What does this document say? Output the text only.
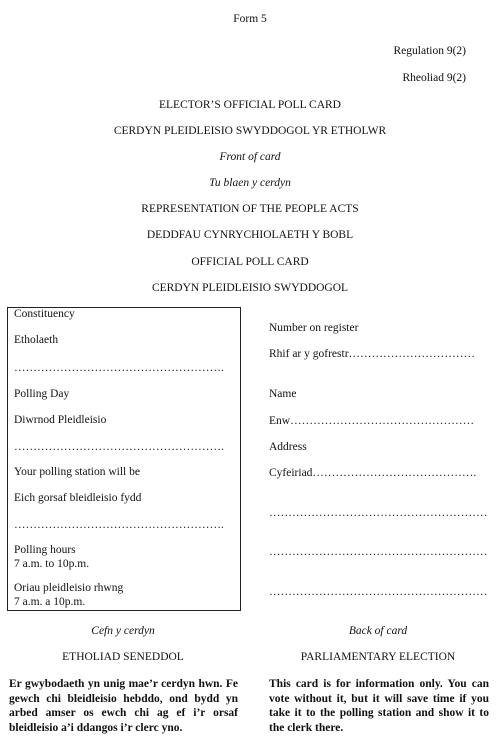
Form 5
Regulation 9(2)
Rheoliad 9(2)
ELECTOR’S OFFICIAL POLL CARD
CERDYN PLEIDLEISIO SWYDDOGOL YR ETHOLWR
Front of card
Tu blaen y cerdyn
REPRESENTATION OF THE PEOPLE ACTS
DEDDFAU CYNRYCHIOLAETH Y BOBL
OFFICIAL POLL CARD
CERDYN PLEIDLEISIO SWYDDOGOL
Constituency
Etholaeth
……………………………………………….
Polling Day
Diwrnod Pleidleisio
……………………………………………….
Your polling station will be
Eich gorsaf bleidleisio fydd
……………………………………………….
Polling hours
7 a.m. to 10p.m.
Oriau pleidleisio rhwng
7 a.m. a 10p.m.
Number on register
Rhif ar y gofrestr……………………………
Name
Enw…………………………………………
Address
Cyfeiriad…………………………………….
…………………………………………………
…………………………………………………
…………………………………………………
Cefn y cerdyn	Back of card
ETHOLIAD SENEDDOL	PARLIAMENTARY ELECTION
Er gwybodaeth yn unig mae’r cerdyn hwn. Fe gewch chi bleidleisio hebddo, ond bydd yn arbed amser os ewch chi ag ef i’r orsaf bleidleisio a’i ddangos i’r clerc yno.
This card is for information only. You can vote without it, but it will save time if you take it to the polling station and show it to the clerk there.
